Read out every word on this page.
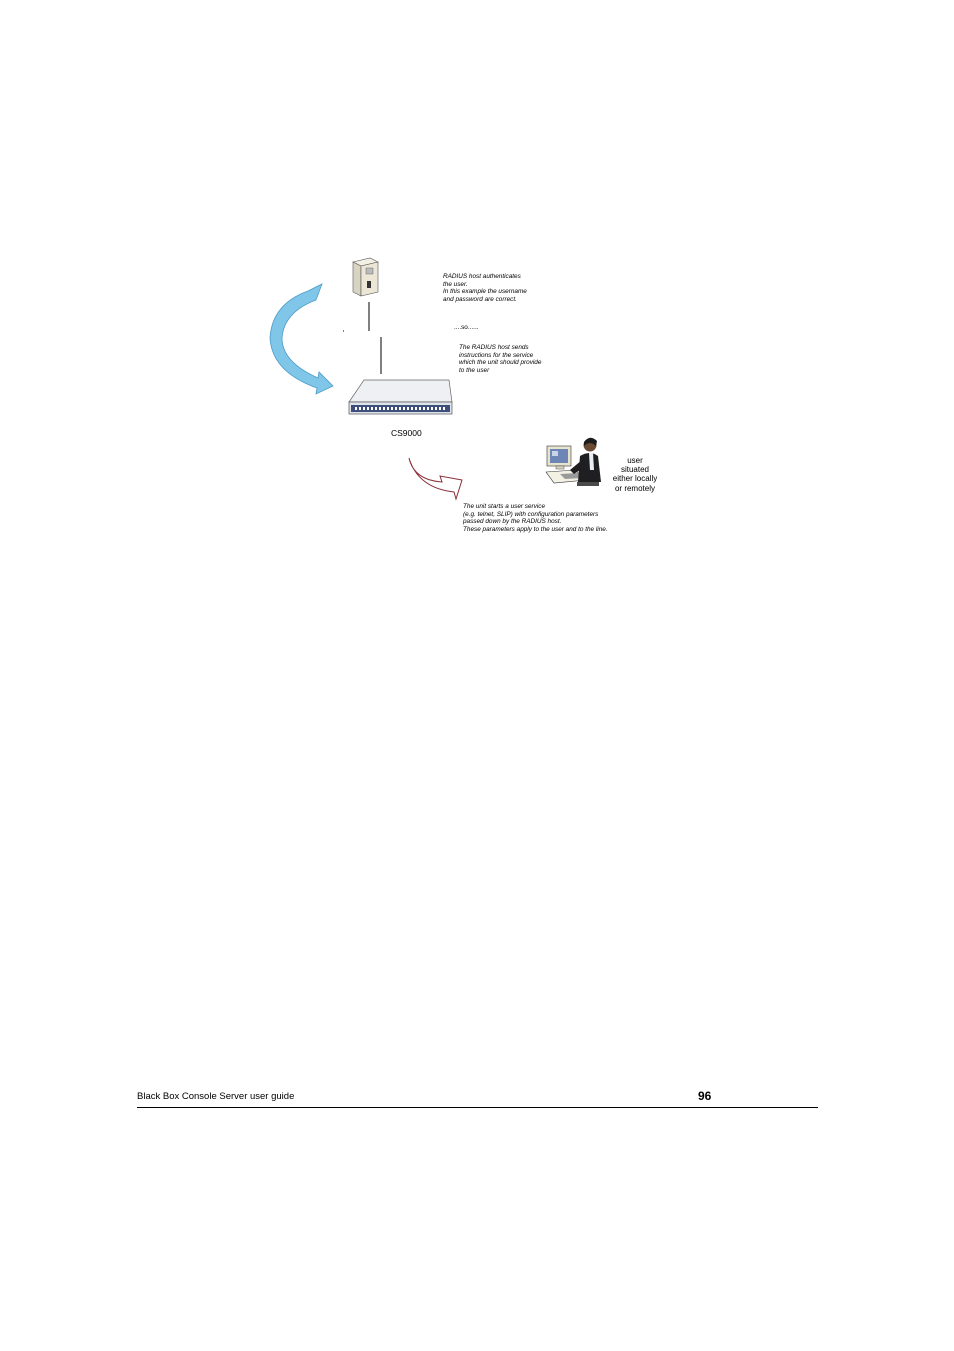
RADIUS host authenticates
the user.
In this example the username
and password are correct.
....so......
The RADIUS host sends
instructions for the service
which the unit should provide
to the user
CS9000
user
situated
either locally
or remotely
The unit starts a user service
(e.g. telnet, SLIP) with configuration parameters
passed down by the RADIUS host.
These parameters apply to the user and to the line.
Black Box Console Server user guide	96
